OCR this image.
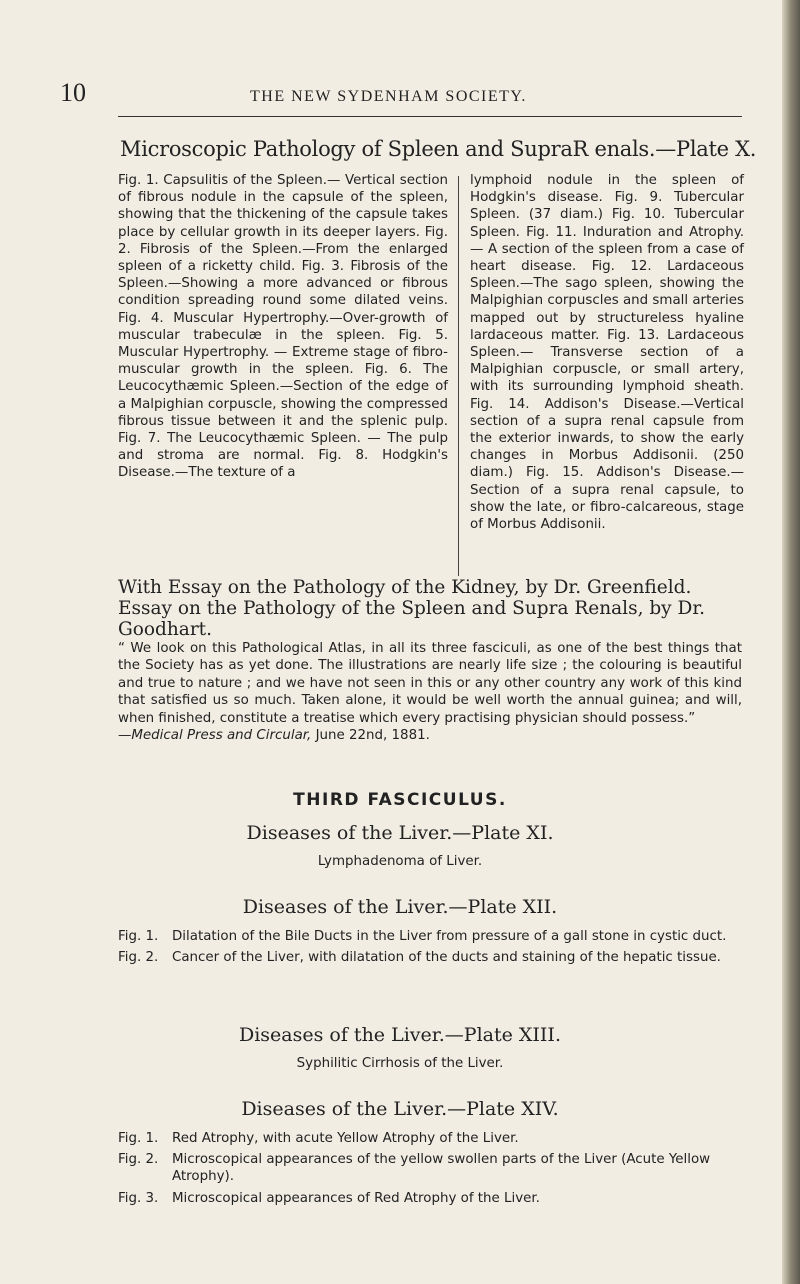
10	THE NEW SYDENHAM SOCIETY.
Microscopic Pathology of Spleen and SupraR enals.—Plate X.
Fig. 1. Capsulitis of the Spleen.— Vertical section of fibrous nodule in the capsule of the spleen, showing that the thickening of the capsule takes place by cellular growth in its deeper layers. Fig. 2. Fibrosis of the Spleen.—From the enlarged spleen of a ricketty child. Fig. 3. Fibrosis of the Spleen.—Showing a more advanced or fibrous condition spreading round some dilated veins. Fig. 4. Muscular Hypertrophy.—Over-growth of muscular trabeculæ in the spleen. Fig. 5. Muscular Hypertrophy. — Extreme stage of fibro-muscular growth in the spleen. Fig. 6. The Leucocythæmic Spleen.—Section of the edge of a Malpighian corpuscle, showing the compressed fibrous tissue between it and the splenic pulp. Fig. 7. The Leucocythæmic Spleen. — The pulp and stroma are normal. Fig. 8. Hodgkin's Disease.—The texture of a
lymphoid nodule in the spleen of Hodgkin's disease. Fig. 9. Tubercular Spleen. (37 diam.) Fig. 10. Tubercular Spleen. Fig. 11. Induration and Atrophy. — A section of the spleen from a case of heart disease. Fig. 12. Lardaceous Spleen.—The sago spleen, showing the Malpighian corpuscles and small arteries mapped out by structureless hyaline lardaceous matter. Fig. 13. Lardaceous Spleen.— Transverse section of a Malpighian corpuscle, or small artery, with its surrounding lymphoid sheath. Fig. 14. Addison's Disease.—Vertical section of a supra renal capsule from the exterior inwards, to show the early changes in Morbus Addisonii. (250 diam.) Fig. 15. Addison's Disease.— Section of a supra renal capsule, to show the late, or fibro-calcareous, stage of Morbus Addisonii.

With Essay on the Pathology of the Kidney, by Dr. Greenfield.

Essay on the Pathology of the Spleen and Supra Renals, by Dr. Goodhart.

“ We look on this Pathological Atlas, in all its three fasciculi, as one of the best things that the Society has as yet done. The illustrations are nearly life size ; the colouring is beautiful and true to nature ; and we have not seen in this or any other country any work of this kind that satisfied us so much. Taken alone, it would be well worth the annual guinea; and will, when finished, constitute a treatise which every practising physician should possess.”
—Medical Press and Circular, June 22nd, 1881.
THIRD FASCICULUS.
Diseases of the Liver.—Plate XI.
Lymphadenoma of Liver.
Diseases of the Liver.—Plate XII.
Fig. 1.	Dilatation of the Bile Ducts in the Liver from pressure of a gall stone in cystic duct.
Fig. 2.	Cancer of the Liver, with dilatation of the ducts and staining of the hepatic tissue.
Diseases of the Liver.—Plate XIII.
Syphilitic Cirrhosis of the Liver.
Diseases of the Liver.—Plate XIV.
Fig. 1.	Red Atrophy, with acute Yellow Atrophy of the Liver.
Fig. 2.	Microscopical appearances of the yellow swollen parts of the Liver (Acute Yellow Atrophy).
Fig. 3.	Microscopical appearances of Red Atrophy of the Liver.
